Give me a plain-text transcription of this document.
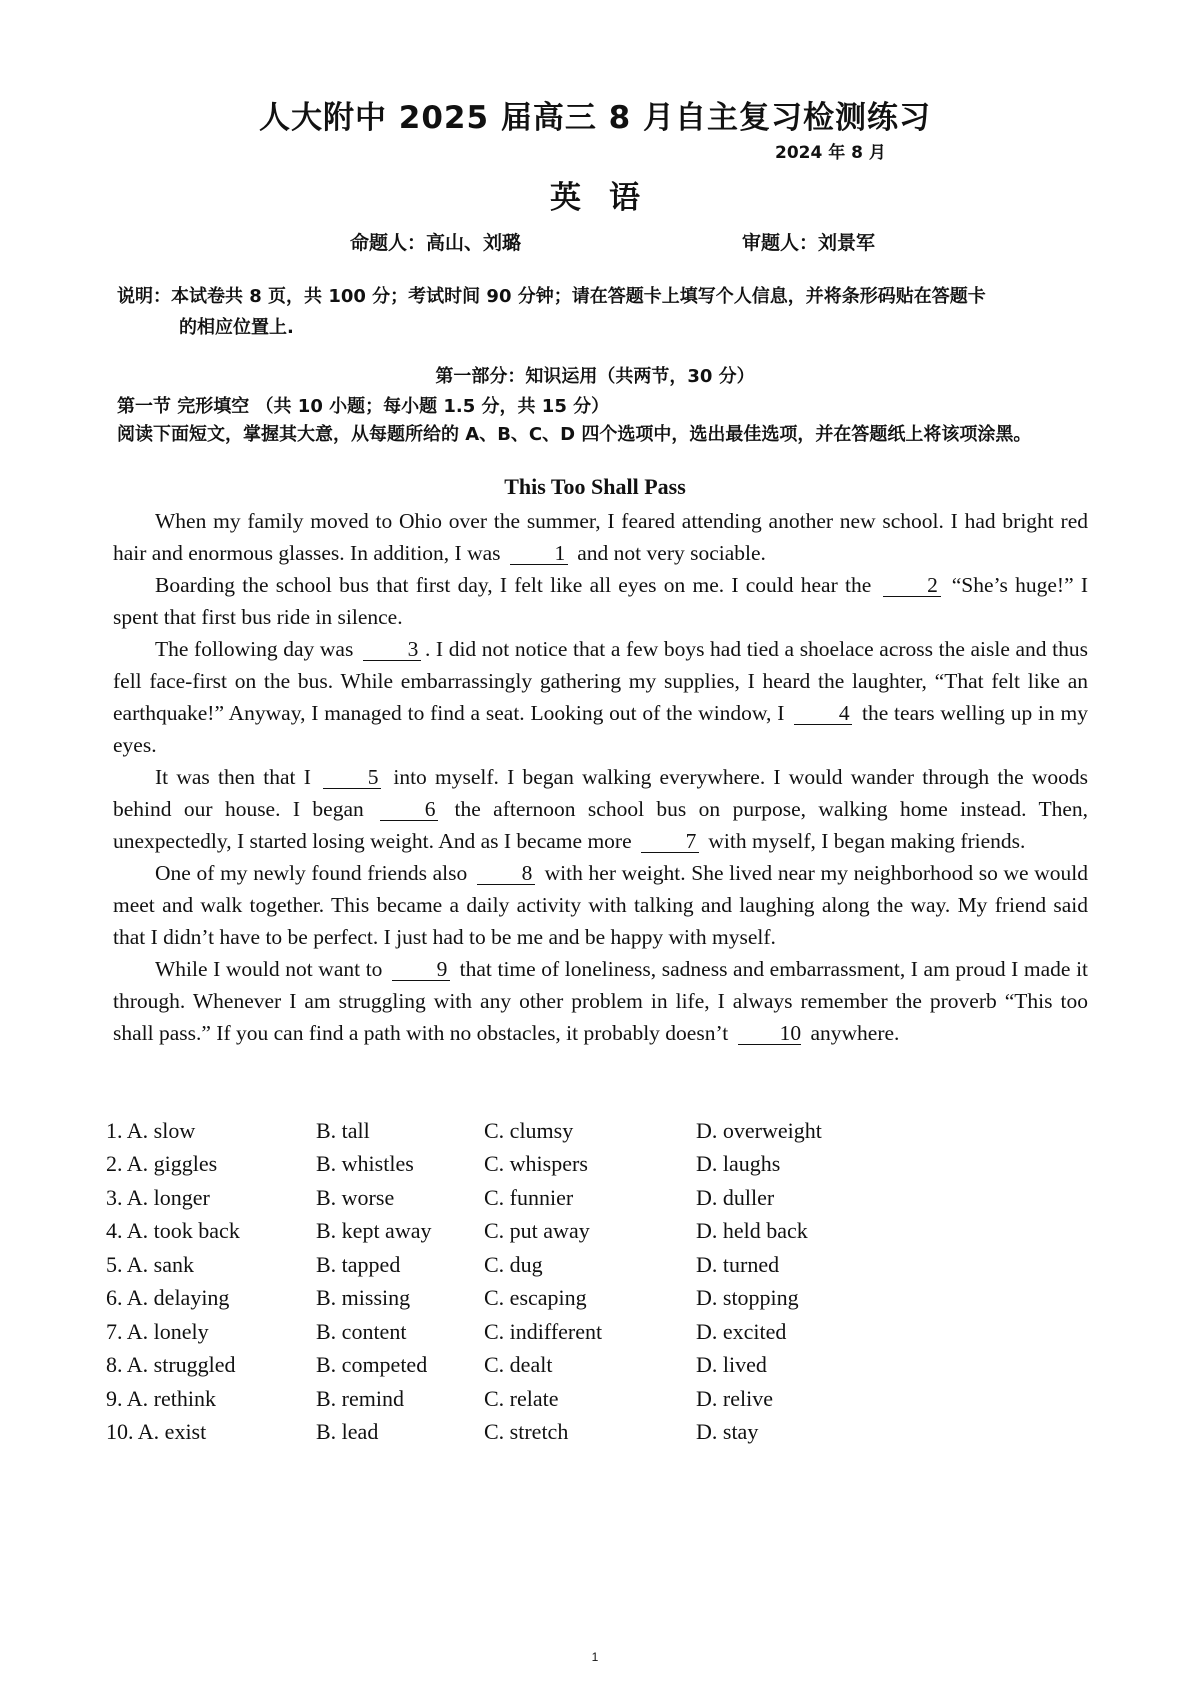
人大附中 2025 届高三 8 月自主复习检测练习
2024 年 8 月
英语
命题人：高山、刘璐	审题人：刘景军
说明：本试卷共 8 页，共 100 分；考试时间 90 分钟；请在答题卡上填写个人信息，并将条形码贴在答题卡
的相应位置上.
第一部分：知识运用（共两节，30 分）
第一节 完形填空 （共 10 小题；每小题 1.5 分，共 15 分）
阅读下面短文，掌握其大意，从每题所给的 A、B、C、D 四个选项中，选出最佳选项，并在答题纸上将该项涂黑。
This Too Shall Pass

When my family moved to Ohio over the summer, I feared attending another new school. I had bright red hair and enormous glasses. In addition, I was	1 and not very sociable.

Boarding the school bus that first day, I felt like all eyes on me. I could hear the	2 “She’s huge!” I spent that first bus ride in silence.

The following day was	3 . I did not notice that a few boys had tied a shoelace across the aisle and thus fell face-first on the bus. While embarrassingly gathering my supplies, I heard the laughter, “That felt like an earthquake!” Anyway, I managed to find a seat. Looking out of the window, I	4 the tears welling up in my eyes.

It was then that I	5 into myself. I began walking everywhere. I would wander through the woods behind our house. I began	6 the afternoon school bus on purpose, walking home instead. Then, unexpectedly, I started losing weight. And as I became more	7 with myself, I began making friends.

One of my newly found friends also	8 with her weight. She lived near my neighborhood so we would meet and walk together. This became a daily activity with talking and laughing along the way. My friend said that I didn’t have to be perfect. I just had to be me and be happy with myself.

While I would not want to	9 that time of loneliness, sadness and embarrassment, I am proud I made it through. Whenever I am struggling with any other problem in life, I always remember the proverb “This too shall pass.” If you can find a path with no obstacles, it probably doesn’t 10 anywhere.

1. A. slow	B. tall	C. clumsy	D. overweight
2. A. giggles	B. whistles	C. whispers	D. laughs
3. A. longer	B. worse	C. funnier	D. duller
4. A. took back	B. kept away	C. put away	D. held back
5. A. sank	B. tapped	C. dug	D. turned
6. A. delaying	B. missing	C. escaping	D. stopping
7. A. lonely	B. content	C. indifferent	D. excited
8. A. struggled	B. competed	C. dealt	D. lived
9. A. rethink	B. remind	C. relate	D. relive
10. A. exist	B. lead	C. stretch	D. stay
1
